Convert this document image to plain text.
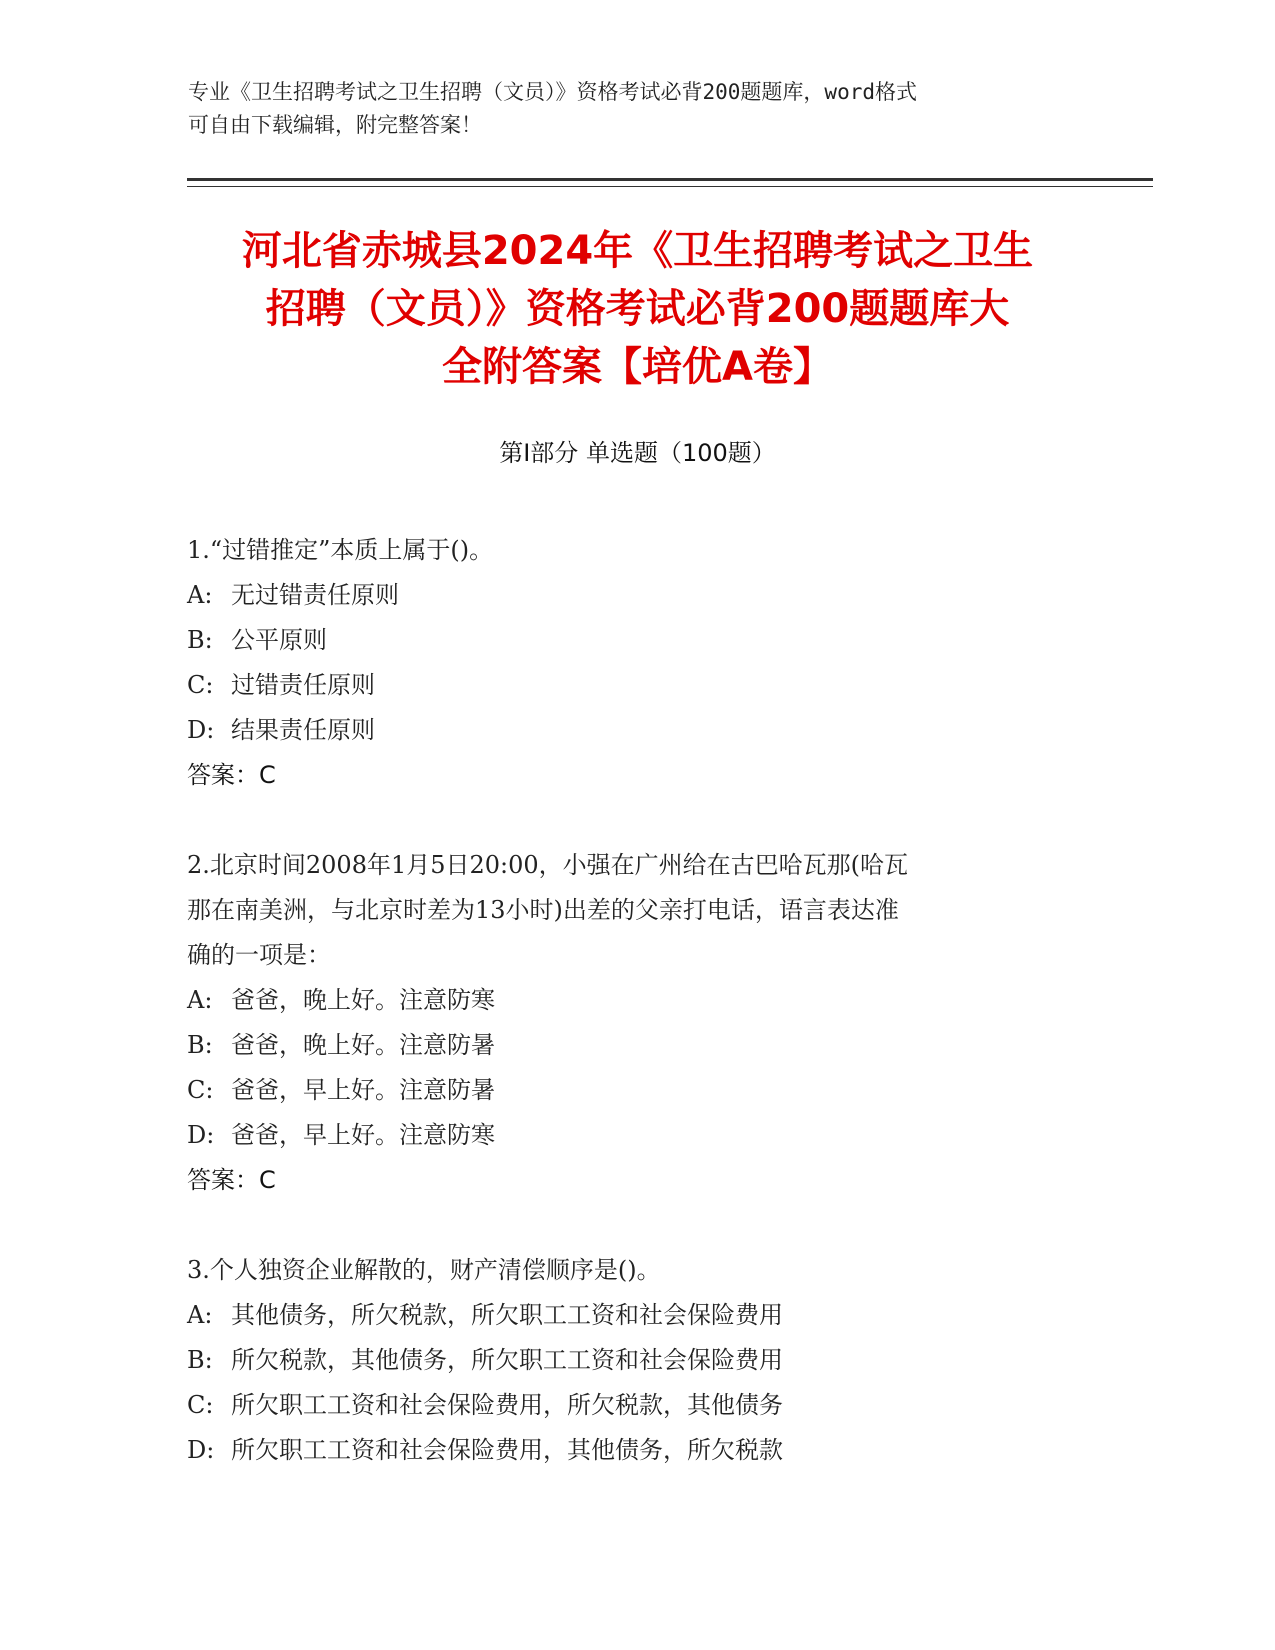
专业《卫生招聘考试之卫生招聘（文员）》资格考试必背200题题库，word格式
可自由下载编辑，附完整答案！
河北省赤城县2024年《卫生招聘考试之卫生
招聘（文员）》资格考试必背200题题库大
全附答案【培优A卷】
第Ⅰ部分 单选题（100题）

1.“过错推定”本质上属于()。

A: 无过错责任原则

B: 公平原则

C: 过错责任原则

D: 结果责任原则

答案：C

2.北京时间2008年1月5日20:00，小强在广州给在古巴哈瓦那(哈瓦

那在南美洲，与北京时差为13小时)出差的父亲打电话，语言表达准

确的一项是：

A: 爸爸，晚上好。注意防寒

B: 爸爸，晚上好。注意防暑

C: 爸爸，早上好。注意防暑

D: 爸爸，早上好。注意防寒

答案：C

3.个人独资企业解散的，财产清偿顺序是()。

A: 其他债务，所欠税款，所欠职工工资和社会保险费用

B: 所欠税款，其他债务，所欠职工工资和社会保险费用

C: 所欠职工工资和社会保险费用，所欠税款，其他债务

D: 所欠职工工资和社会保险费用，其他债务，所欠税款
